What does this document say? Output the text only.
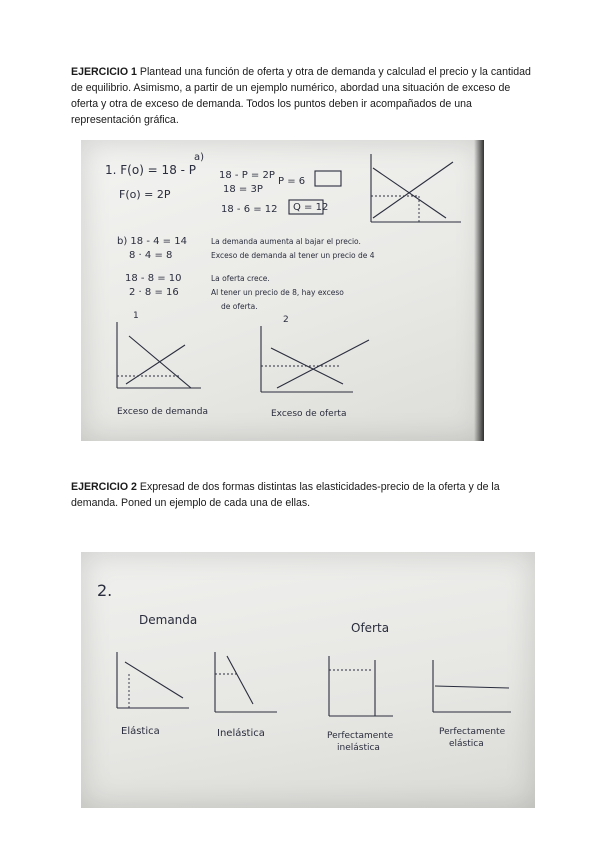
EJERCICIO 1 Plantead una función de oferta y otra de demanda y calculad el precio y la cantidad de equilibrio. Asimismo, a partir de un ejemplo numérico, abordad una situación de exceso de oferta y otra de exceso de demanda. Todos los puntos deben ir acompañados de una representación gráfica.

1. F(o) = 18 - P
F(o) = 2P
a)
18 - P = 2P
18 = 3P
P = 6
18 - 6 = 12 Q = 12
b) 18 - 4 = 14
8 · 4 = 8
18 - 8 = 10
2 · 8 = 16
La demanda aumenta al bajar el precio.
Exceso de demanda al tener un precio de 4
La oferta crece.
Al tener un precio de 8, hay exceso
de oferta.
1
Exceso de demanda
2
Exceso de oferta

EJERCICIO 2 Expresad de dos formas distintas las elasticidades-precio de la oferta y de la demanda. Poned un ejemplo de cada una de ellas.

2.
Demanda
Oferta
Elástica	Inelástica	Perfectamente
inelástica
Perfectamente
elástica
